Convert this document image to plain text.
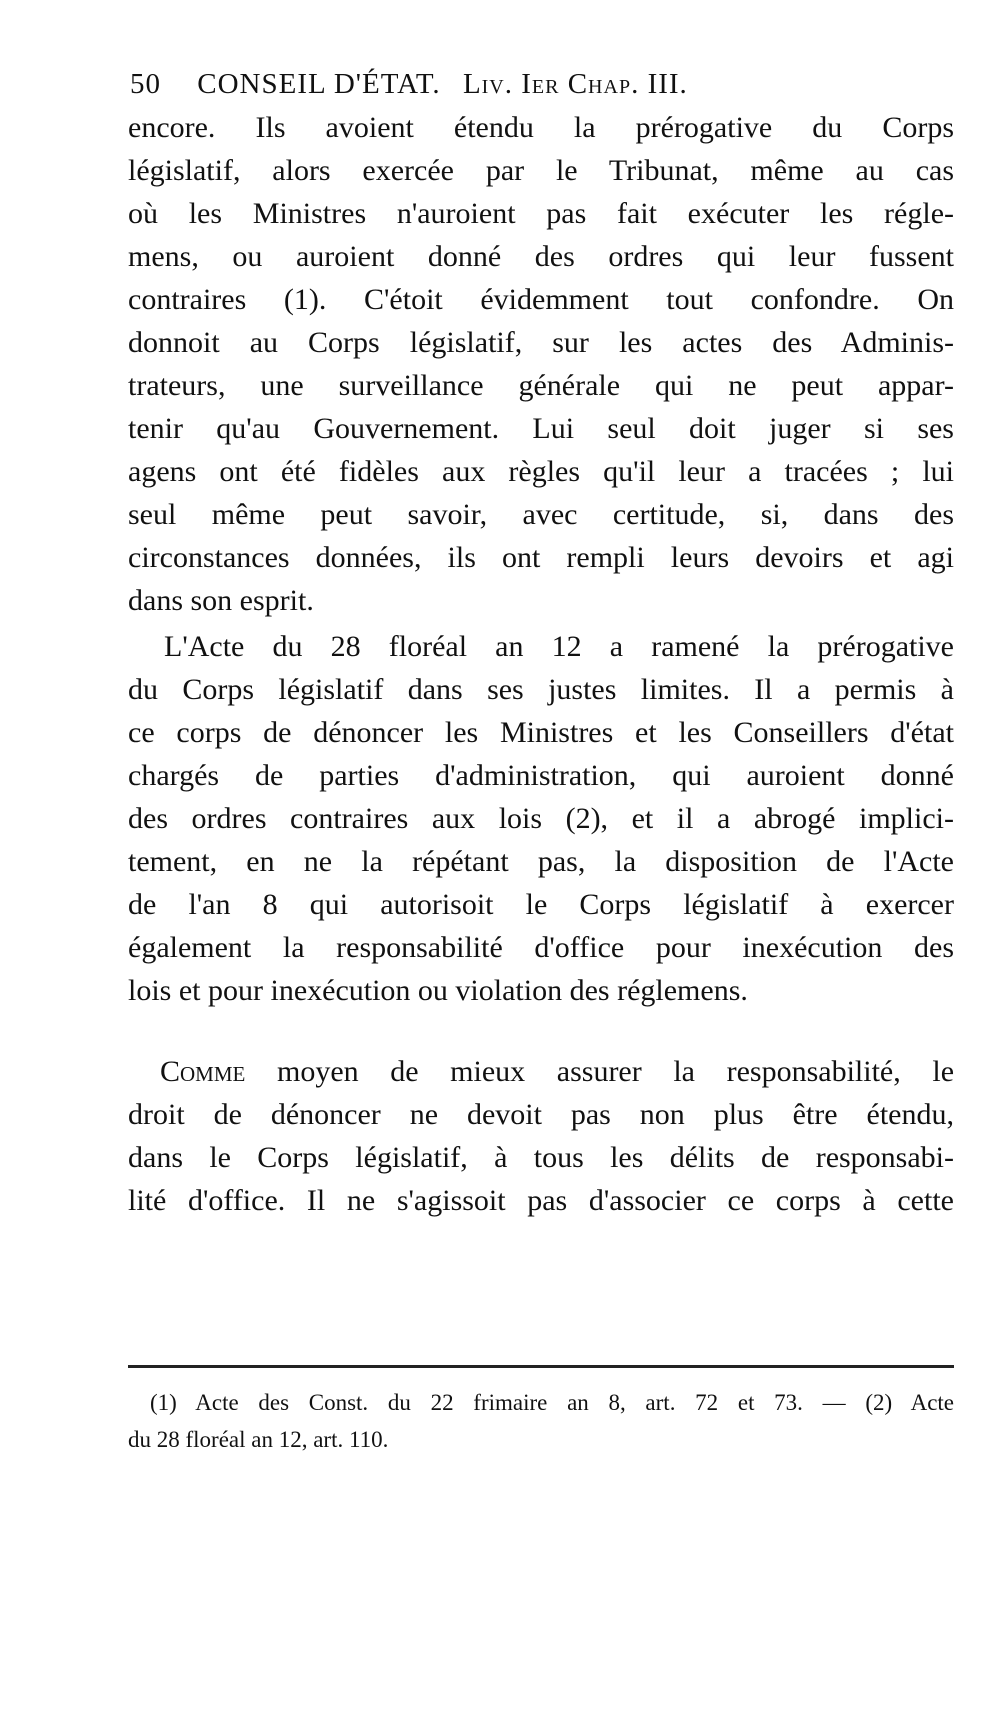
50 CONSEIL D'ÉTAT. Liv. Ier Chap. III.
encore. Ils avoient étendu la prérogative du Corps
législatif, alors exercée par le Tribunat, même au cas
où les Ministres n'auroient pas fait exécuter les régle-
mens, ou auroient donné des ordres qui leur fussent
contraires (1). C'étoit évidemment tout confondre. On
donnoit au Corps législatif, sur les actes des Adminis-
trateurs, une surveillance générale qui ne peut appar-
tenir qu'au Gouvernement. Lui seul doit juger si ses
agens ont été fidèles aux règles qu'il leur a tracées ; lui
seul même peut savoir, avec certitude, si, dans des
circonstances données, ils ont rempli leurs devoirs et agi
dans son esprit.
L'Acte du 28 floréal an 12 a ramené la prérogative
du Corps législatif dans ses justes limites. Il a permis à
ce corps de dénoncer les Ministres et les Conseillers d'état
chargés de parties d'administration, qui auroient donné
des ordres contraires aux lois (2), et il a abrogé implici-
tement, en ne la répétant pas, la disposition de l'Acte
de l'an 8 qui autorisoit le Corps législatif à exercer
également la responsabilité d'office pour inexécution des
lois et pour inexécution ou violation des réglemens.
Comme moyen de mieux assurer la responsabilité, le
droit de dénoncer ne devoit pas non plus être étendu,
dans le Corps législatif, à tous les délits de responsabi-
lité d'office. Il ne s'agissoit pas d'associer ce corps à cette
(1) Acte des Const. du 22 frimaire an 8, art. 72 et 73. — (2) Acte
du 28 floréal an 12, art. 110.
